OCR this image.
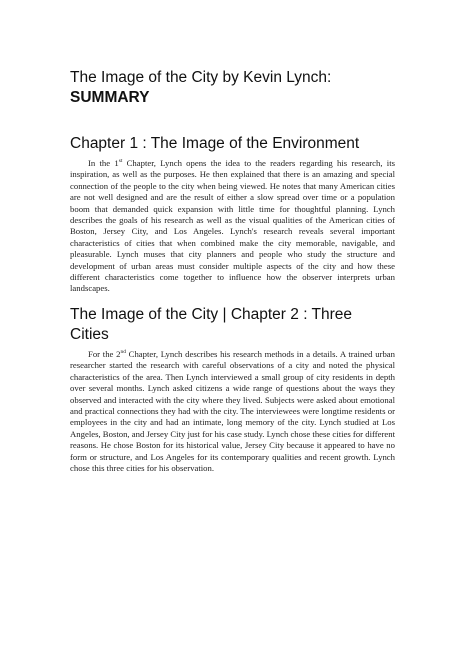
The Image of the City by Kevin Lynch:
SUMMARY
Chapter 1 : The Image of the Environment

In the 1st Chapter, Lynch opens the idea to the readers regarding his research, its inspiration, as well as the purposes. He then explained that there is an amazing and special connection of the people to the city when being viewed. He notes that many American cities are not well designed and are the result of either a slow spread over time or a population boom that demanded quick expansion with little time for thoughtful planning. Lynch describes the goals of his research as well as the visual qualities of the American cities of Boston, Jersey City, and Los Angeles. Lynch's research reveals several important characteristics of cities that when combined make the city memorable, navigable, and pleasurable. Lynch muses that city planners and people who study the structure and development of urban areas must consider multiple aspects of the city and how these different characteristics come together to influence how the observer interprets urban landscapes.

The Image of the City | Chapter 2 : Three Cities

For the 2nd Chapter, Lynch describes his research methods in a details. A trained urban researcher started the research with careful observations of a city and noted the physical characteristics of the area. Then Lynch interviewed a small group of city residents in depth over several months. Lynch asked citizens a wide range of questions about the ways they observed and interacted with the city where they lived. Subjects were asked about emotional and practical connections they had with the city. The interviewees were longtime residents or employees in the city and had an intimate, long memory of the city. Lynch studied at Los Angeles, Boston, and Jersey City just for his case study. Lynch chose these cities for different reasons. He chose Boston for its historical value, Jersey City because it appeared to have no form or structure, and Los Angeles for its contemporary qualities and recent growth. Lynch chose this three cities for his observation.
